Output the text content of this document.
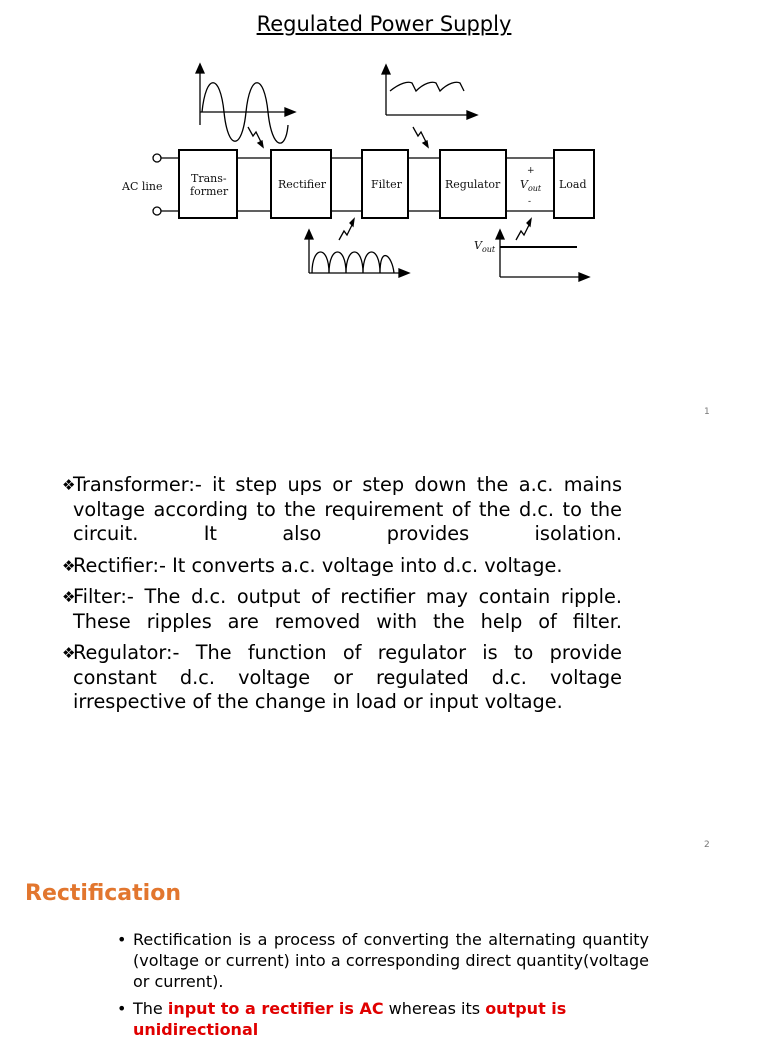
Regulated Power Supply
AC line
Trans-
former
Rectifier	Filter	Regulator
+
$V_{out}$
-
Load
$V_{out}$
1
❖
Transformer:- it step ups or step down the a.c. mains voltage according to the requirement of the d.c. to the circuit. It also provides isolation.
❖
Rectifier:- It converts a.c. voltage into d.c. voltage.
❖
Filter:- The d.c. output of rectifier may contain ripple. These ripples are removed with the help of filter.
❖
Regulator:- The function of regulator is to provide constant d.c. voltage or regulated d.c. voltage irrespective of the change in load or input voltage.
2
Rectification
• Rectification is a process of converting the alternating quantity (voltage or current) into a corresponding direct quantity(voltage or current).
• The input to a rectifier is AC whereas its output is unidirectional
